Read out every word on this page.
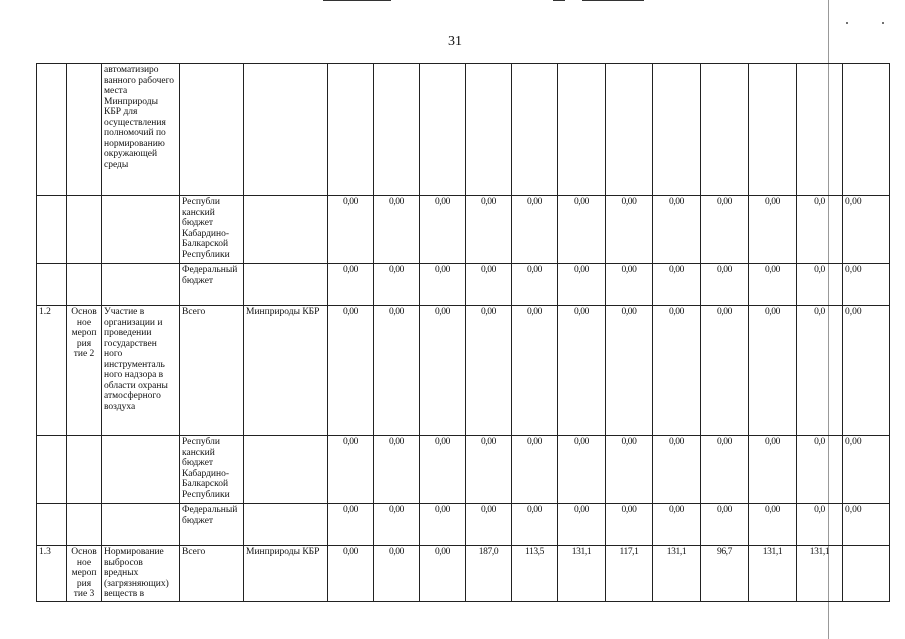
31
		автоматизиро ванного рабочего места Минприроды КБР для осуществления полномочий по нормированию окружающей среды														
			Республи канский бюджет Кабардино-Балкарской Республики		0,00	0,00	0,00	0,00	0,00	0,00	0,00	0,00	0,00	0,00	0,0	0,00
			Федеральный бюджет		0,00	0,00	0,00	0,00	0,00	0,00	0,00	0,00	0,00	0,00	0,0	0,00
1.2	Основ ное мероп рия тие 2	Участие в организации и проведении государствен ного инструменталь ного надзора в области охраны атмосферного воздуха	Всего	Минприроды КБР	0,00	0,00	0,00	0,00	0,00	0,00	0,00	0,00	0,00	0,00	0,0	0,00
			Республи канский бюджет Кабардино-Балкарской Республики		0,00	0,00	0,00	0,00	0,00	0,00	0,00	0,00	0,00	0,00	0,0	0,00
			Федеральный бюджет		0,00	0,00	0,00	0,00	0,00	0,00	0,00	0,00	0,00	0,00	0,0	0,00
1.3	Основ ное мероп рия тие 3	Нормирование выбросов вредных (загрязняющих) веществ в	Всего	Минприроды КБР	0,00	0,00	0,00	187,0	113,5	131,1	117,1	131,1	96,7	131,1	131,1	
